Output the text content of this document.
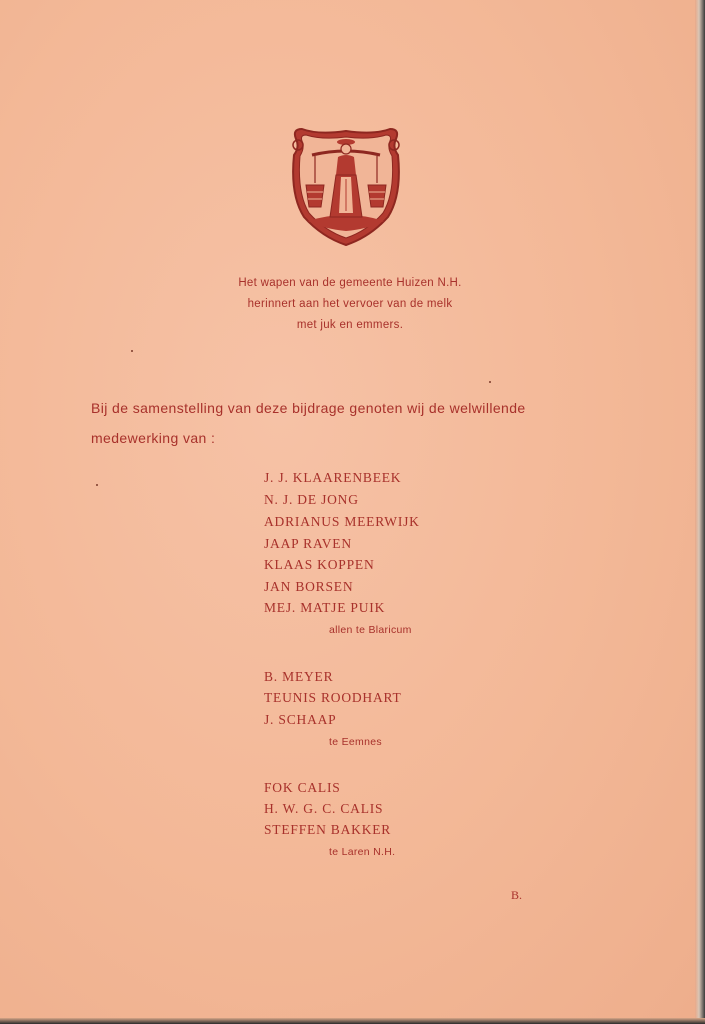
Het wapen van de gemeente Huizen N.H.
herinnert aan het vervoer van de melk
met juk en emmers.
Bij de samenstelling van deze bijdrage genoten wij de welwillende
medewerking van :
J. J. KLAARENBEEK
N. J. DE JONG
ADRIANUS MEERWIJK
JAAP RAVEN
KLAAS KOPPEN
JAN BORSEN
MEJ. MATJE PUIK
allen te Blaricum
B. MEYER
TEUNIS ROODHART
J. SCHAAP
te Eemnes
FOK CALIS
H. W. G. C. CALIS
STEFFEN BAKKER
te Laren N.H.
B.
